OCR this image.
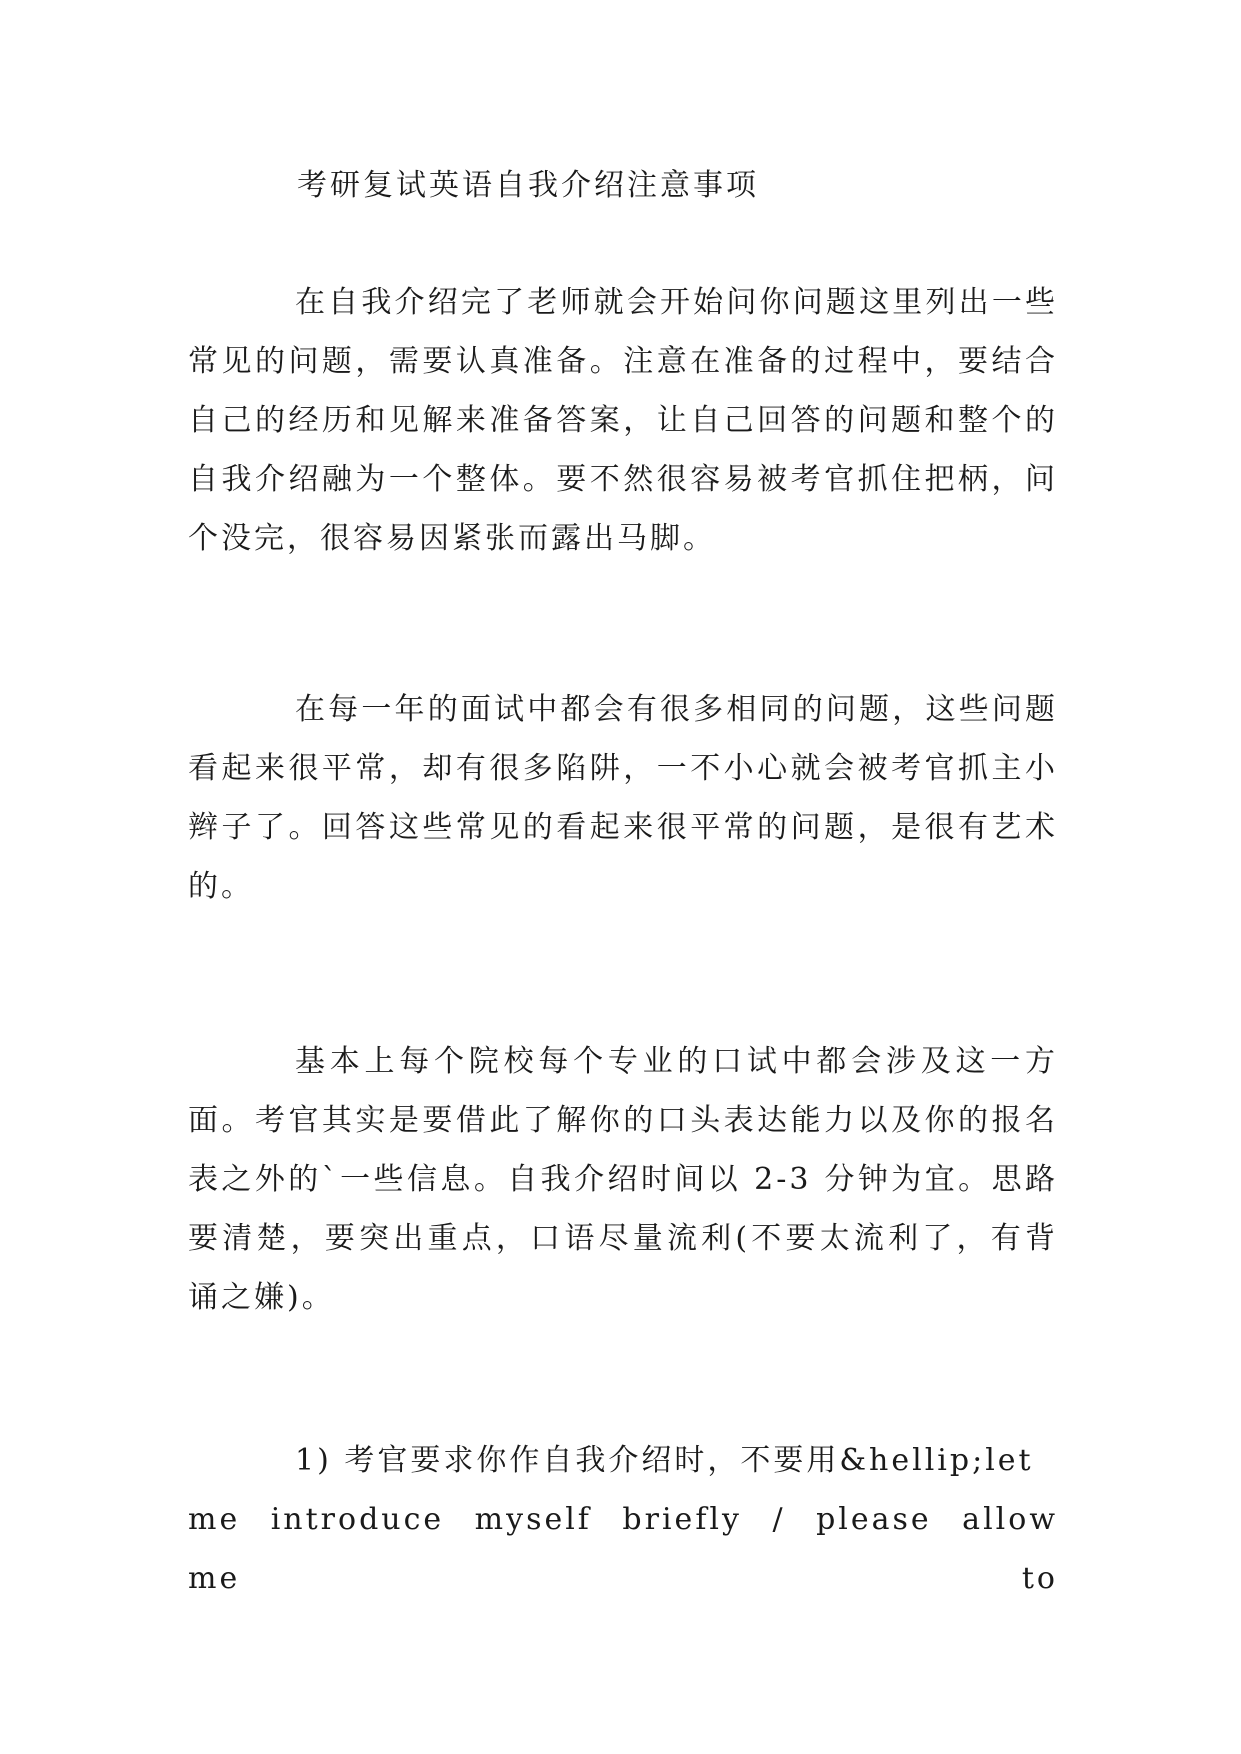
考研复试英语自我介绍注意事项

在自我介绍完了老师就会开始问你问题这里列出一些常见的问题，需要认真准备。注意在准备的过程中，要结合自己的经历和见解来准备答案，让自己回答的问题和整个的自我介绍融为一个整体。要不然很容易被考官抓住把柄，问个没完，很容易因紧张而露出马脚。

在每一年的面试中都会有很多相同的问题，这些问题看起来很平常，却有很多陷阱，一不小心就会被考官抓主小辫子了。回答这些常见的看起来很平常的问题，是很有艺术的。

基本上每个院校每个专业的口试中都会涉及这一方面。考官其实是要借此了解你的口头表达能力以及你的报名表之外的`一些信息。自我介绍时间以 2-3 分钟为宜。思路要清楚，要突出重点，口语尽量流利(不要太流利了，有背诵之嫌)。

1) 考官要求你作自我介绍时，不要用&hellip;let
me introduce myself briefly / please allow me to
